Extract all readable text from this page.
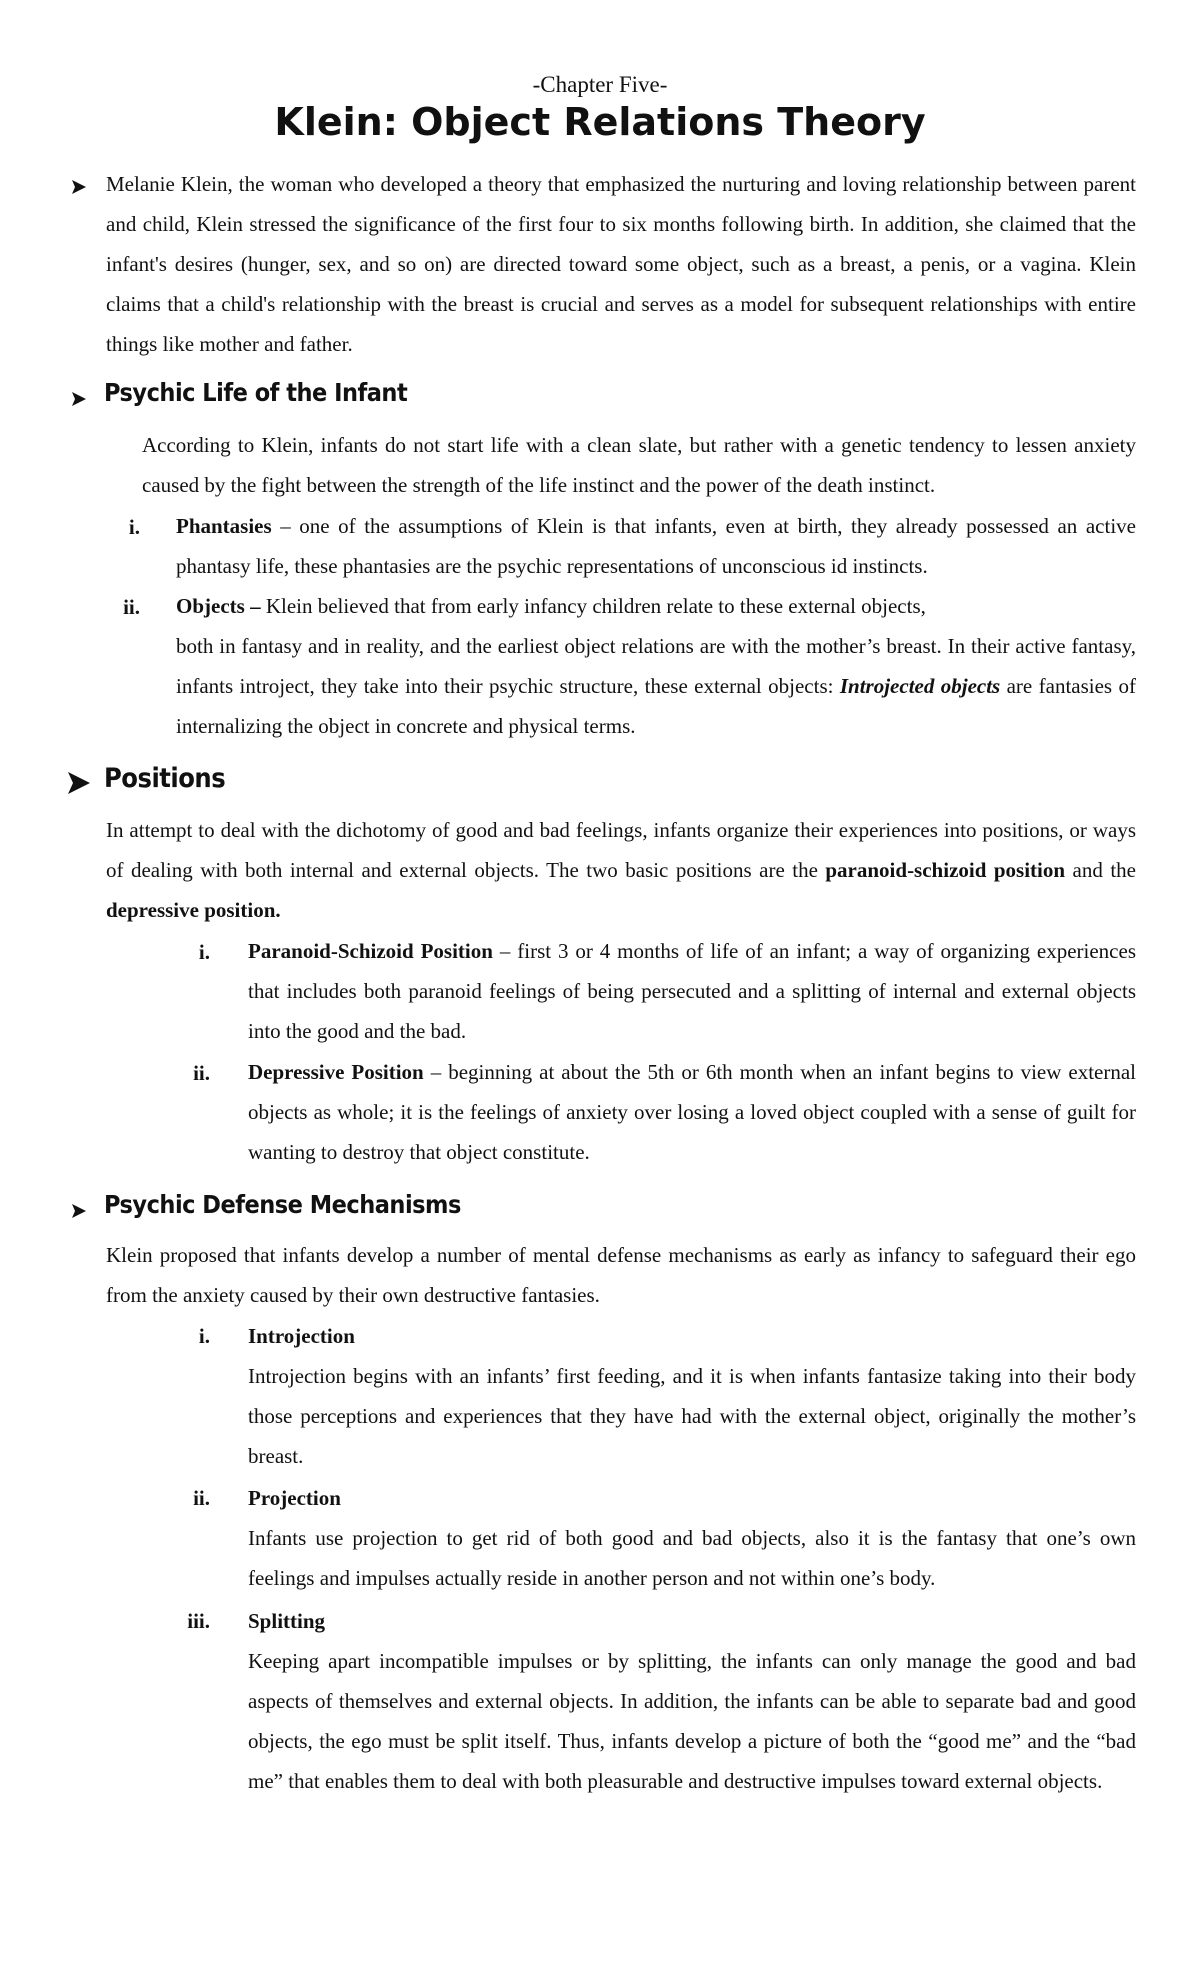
-Chapter Five-
Klein: Object Relations Theory

Melanie Klein, the woman who developed a theory that emphasized the nurturing and loving relationship between parent and child, Klein stressed the significance of the first four to six months following birth. In addition, she claimed that the infant's desires (hunger, sex, and so on) are directed toward some object, such as a breast, a penis, or a vagina. Klein claims that a child's relationship with the breast is crucial and serves as a model for subsequent relationships with entire things like mother and father.

Psychic Life of the Infant

According to Klein, infants do not start life with a clean slate, but rather with a genetic tendency to lessen anxiety caused by the fight between the strength of the life instinct and the power of the death instinct.

i. Phantasies – one of the assumptions of Klein is that infants, even at birth, they already possessed an active phantasy life, these phantasies are the psychic representations of unconscious id instincts.

ii. Objects – Klein believed that from early infancy children relate to these external objects,

both in fantasy and in reality, and the earliest object relations are with the mother’s breast. In their active fantasy, infants introject, they take into their psychic structure, these external objects: Introjected objects are fantasies of internalizing the object in concrete and physical terms.

Positions

In attempt to deal with the dichotomy of good and bad feelings, infants organize their experiences into positions, or ways of dealing with both internal and external objects. The two basic positions are the paranoid-schizoid position and the depressive position.

i. Paranoid-Schizoid Position – first 3 or 4 months of life of an infant; a way of organizing experiences that includes both paranoid feelings of being persecuted and a splitting of internal and external objects into the good and the bad.

ii. Depressive Position – beginning at about the 5th or 6th month when an infant begins to view external objects as whole; it is the feelings of anxiety over losing a loved object coupled with a sense of guilt for wanting to destroy that object constitute.

Psychic Defense Mechanisms

Klein proposed that infants develop a number of mental defense mechanisms as early as infancy to safeguard their ego from the anxiety caused by their own destructive fantasies.

i. Introjection

Introjection begins with an infants’ first feeding, and it is when infants fantasize taking into their body those perceptions and experiences that they have had with the external object, originally the mother’s breast.

ii. Projection

Infants use projection to get rid of both good and bad objects, also it is the fantasy that one’s own feelings and impulses actually reside in another person and not within one’s body.

iii. Splitting

Keeping apart incompatible impulses or by splitting, the infants can only manage the good and bad aspects of themselves and external objects. In addition, the infants can be able to separate bad and good objects, the ego must be split itself. Thus, infants develop a picture of both the “good me” and the “bad me” that enables them to deal with both pleasurable and destructive impulses toward external objects.
